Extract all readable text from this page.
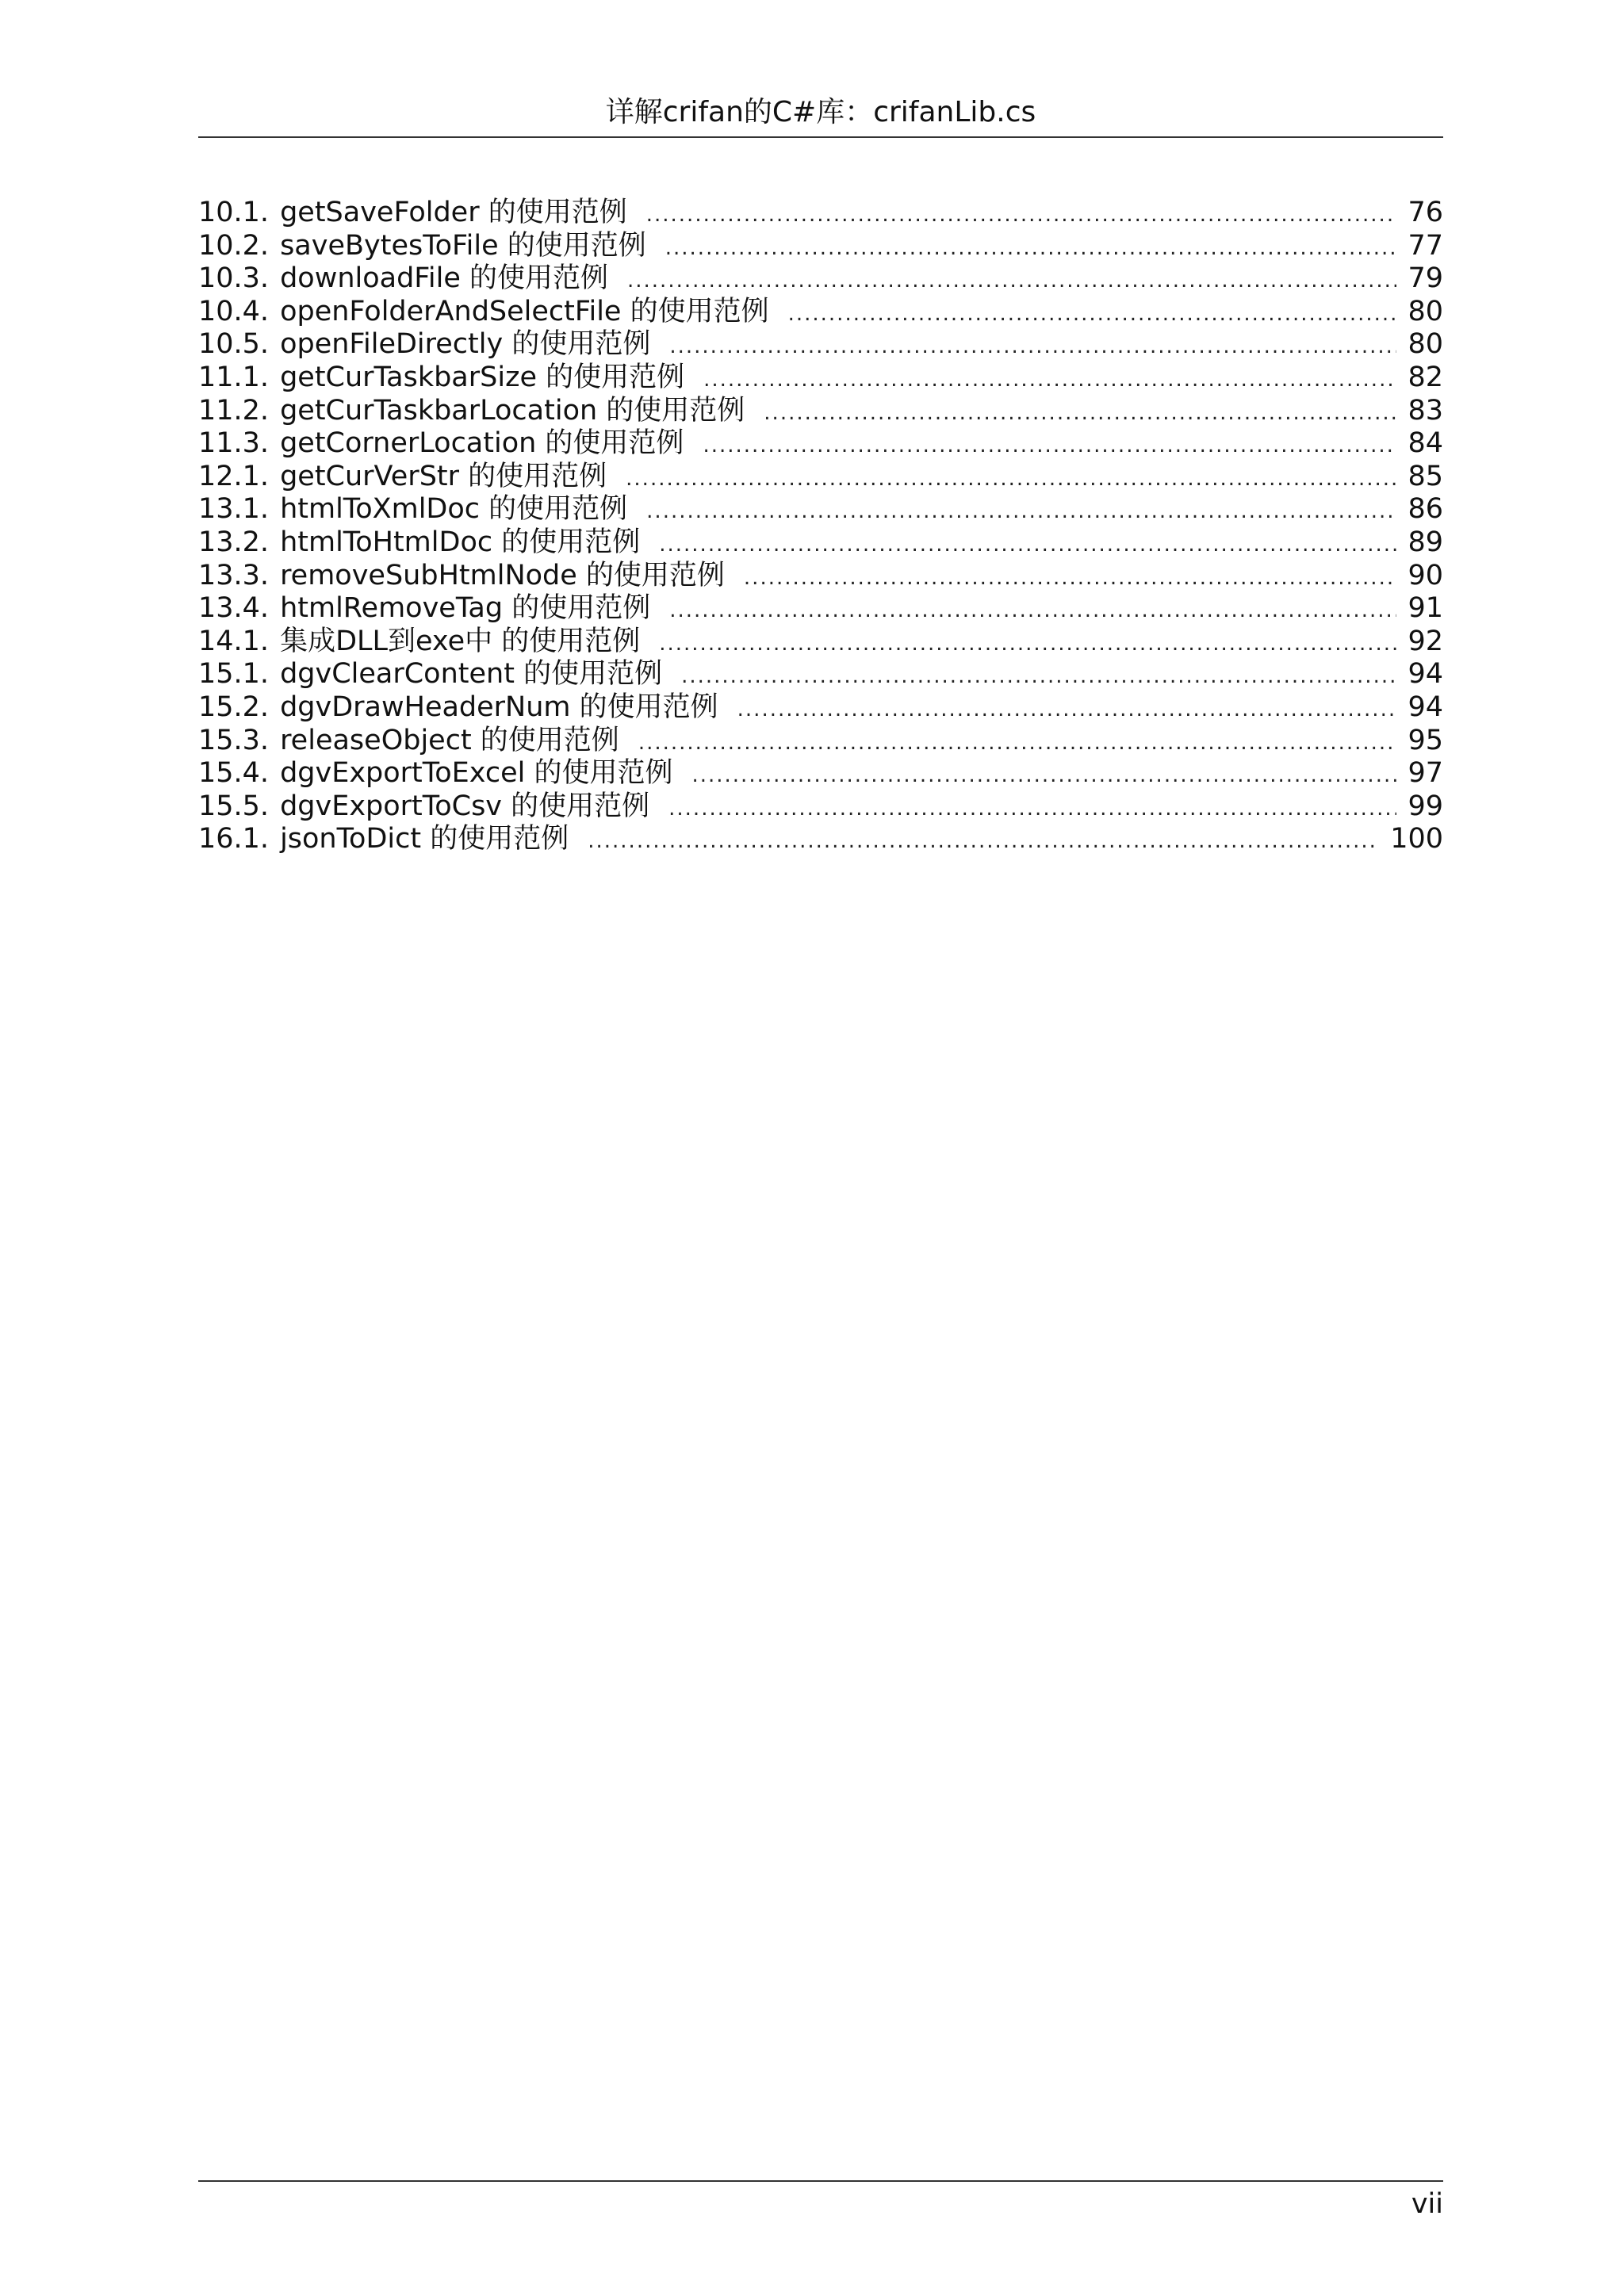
详解crifan的C#库：crifanLib.cs
10.1. getSaveFolder 的使用范例 .....	76
10.2. saveBytesToFile 的使用范例 .....	77
10.3. downloadFile 的使用范例 .....	79
10.4. openFolderAndSelectFile 的使用范例 .....	80
10.5. openFileDirectly 的使用范例 .....	80
11.1. getCurTaskbarSize 的使用范例 .....	82
11.2. getCurTaskbarLocation 的使用范例 .....	83
11.3. getCornerLocation 的使用范例 .....	84
12.1. getCurVerStr 的使用范例 .....	85
13.1. htmlToXmlDoc 的使用范例 .....	86
13.2. htmlToHtmlDoc 的使用范例 .....	89
13.3. removeSubHtmlNode 的使用范例 .....	90
13.4. htmlRemoveTag 的使用范例 .....	91
14.1. 集成DLL到exe中 的使用范例 .....	92
15.1. dgvClearContent 的使用范例 .....	94
15.2. dgvDrawHeaderNum 的使用范例 .....	94
15.3. releaseObject 的使用范例 .....	95
15.4. dgvExportToExcel 的使用范例 .....	97
15.5. dgvExportToCsv 的使用范例 .....	99
16.1. jsonToDict 的使用范例 .....	100
vii
